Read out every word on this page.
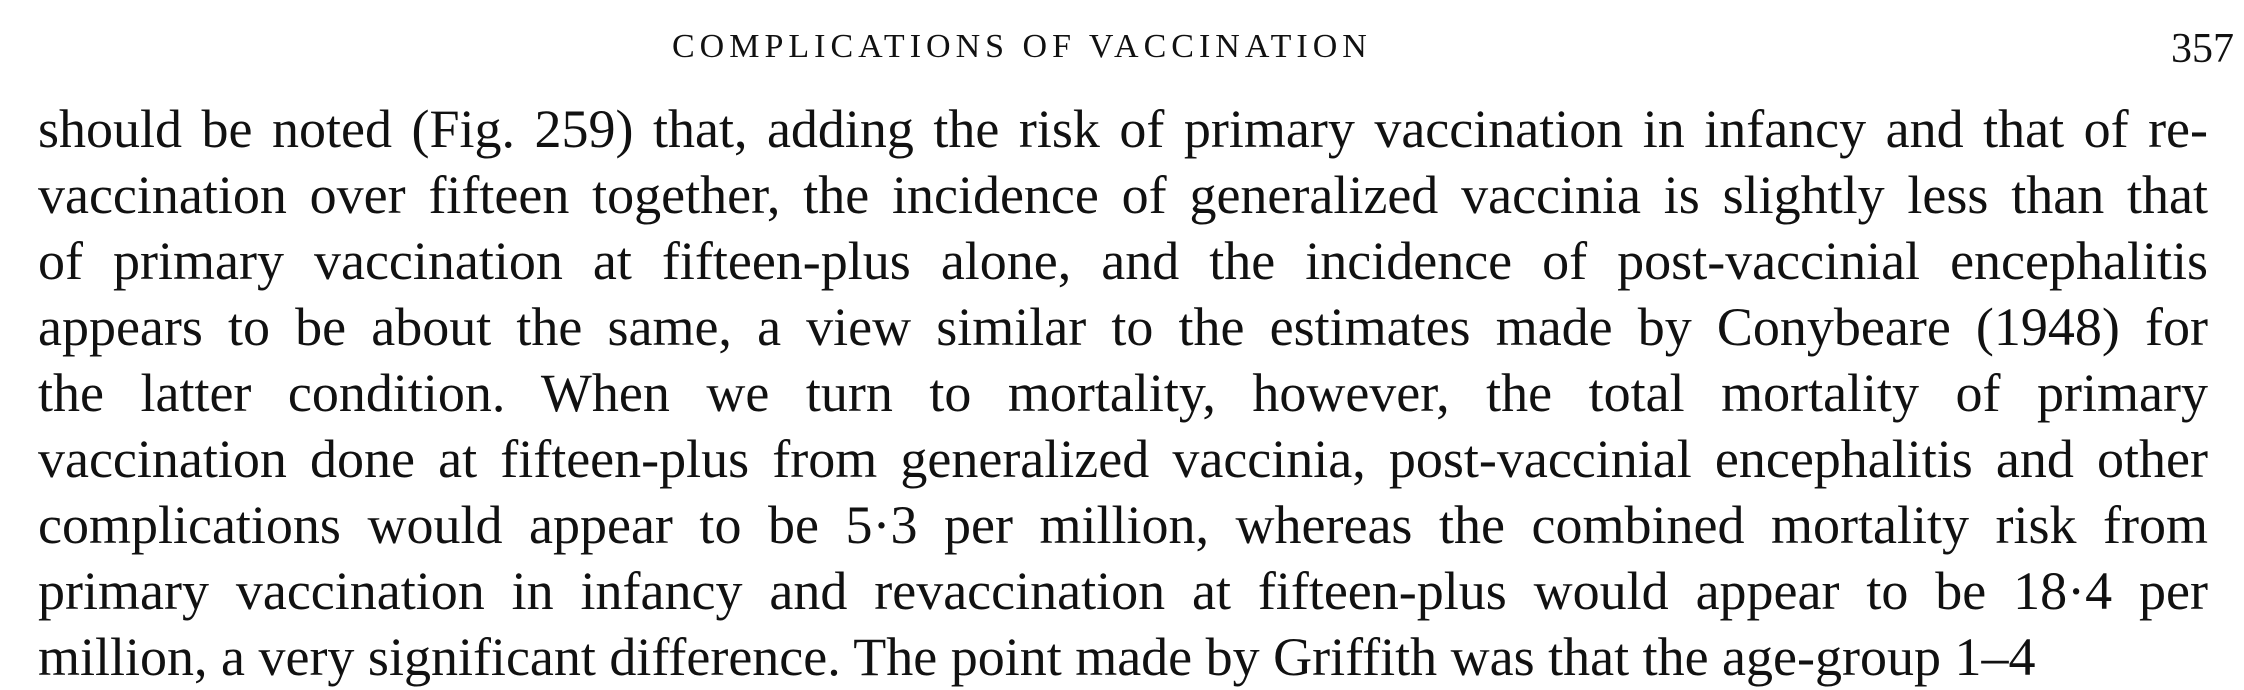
COMPLICATIONS OF VACCINATION	357
should be noted (Fig. 259) that, adding the risk of primary vaccination in infancy and that of re-
vaccination over fifteen together, the incidence of generalized vaccinia is slightly less than that
of primary vaccination at fifteen-plus alone, and the incidence of post-vaccinial encephalitis
appears to be about the same, a view similar to the estimates made by Conybeare (1948) for
the latter condition. When we turn to mortality, however, the total mortality of primary
vaccination done at fifteen-plus from generalized vaccinia, post-vaccinial encephalitis and other
complications would appear to be 5·3 per million, whereas the combined mortality risk from
primary vaccination in infancy and revaccination at fifteen-plus would appear to be 18·4 per
million, a very significant difference. The point made by Griffith was that the age-group 1–4
